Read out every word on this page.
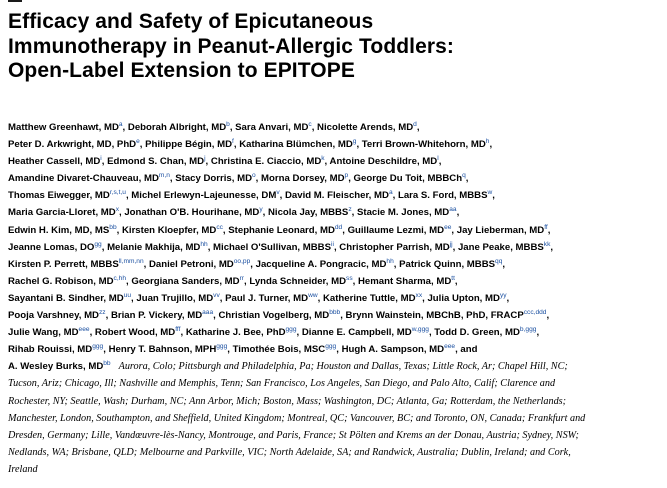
Efficacy and Safety of Epicutaneous
Immunotherapy in Peanut-Allergic Toddlers:
Open-Label Extension to EPITOPE
Matthew Greenhawt, $MD^a$, Deborah Albright, $MD^b$, Sara Anvari, $MD^c$, Nicolette Arends, $MD^d$,
Peter D. Arkwright, MD, PhD$^e$, Philippe Bégin, $MD^f$, Katharina Blümchen, $MD^g$, Terri Brown-Whitehorn, $MD^h$,
Heather Cassell, $MD^i$, Edmond S. Chan, $MD^j$, Christina E. Ciaccio, $MD^k$, Antoine Deschildre, $MD^l$,
Amandine Divaret-Chauveau, MD$^{m,n}$, Stacy Dorris, $MD^o$, Morna Dorsey, $MD^p$, George Du Toit, MBBCh$^q$,
Thomas Eiwegger, MD$^{r,s,t,u}$, Michel Erlewyn-Lajeunesse, $DM^v$, David M. Fleischer, $MD^a$, Lara S. Ford, MBBS$^w$,
Maria Garcia-Lloret, $MD^x$, Jonathan O'B. Hourihane, $MD^y$, Nicola Jay, MBBS$^z$, Stacie M. Jones, $MD^{aa}$,
Edwin H. Kim, MD, $MS^{bb}$, Kirsten Kloepfer, $MD^{cc}$, Stephanie Leonard, $MD^{dd}$, Guillaume Lezmi, $MD^{ee}$, Jay Lieberman, $MD^{ff}$,
Jeanne Lomas, $DO^{gg}$, Melanie Makhija, $MD^{hh}$, Michael O'Sullivan, MBBS$^{ii}$, Christopher Parrish, $MD^{jj}$, Jane Peake, $MBBS^{kk}$,
Kirsten P. Perrett, $MBBS^{ll,mm,nn}$, Daniel Petroni, $MD^{oo,pp}$, Jacqueline A. Pongracic, $MD^{hh}$, Patrick Quinn, $MBBS^{qq}$,
Rachel G. Robison, $MD^{c,hh}$, Georgiana Sanders, $MD^{rr}$, Lynda Schneider, $MD^{ss}$, Hemant Sharma, $MD^{tt}$,
Sayantani B. Sindher, $MD^{uu}$, Juan Trujillo, MD$^{vv}$, Paul J. Turner, $MD^{ww}$, Katherine Tuttle, MD$^{xx}$, Julia Upton, $MD^{yy}$,
Pooja Varshney, $MD^{zz}$, Brian P. Vickery, $MD^{aaa}$, Christian Vogelberg, $MD^{bbb}$, Brynn Wainstein, MBChB, PhD, $FRACP^{ccc,ddd}$,
Julie Wang, $MD^{eee}$, Robert Wood, $MD^{fff}$, Katharine J. Bee, PhD$^{ggg}$, Dianne E. Campbell, $MD^{w,ggg}$, Todd D. Green, $MD^{b,ggg}$,
Rihab Rouissi, $MD^{ggg}$, Henry T. Bahnson, $MPH^{ggg}$, Timothée Bois, $MSC^{ggg}$, Hugh A. Sampson, $MD^{eee}$, and
A. Wesley Burks, $MD^{bb}$ Aurora, Colo; Pittsburgh and Philadelphia, Pa; Houston and Dallas, Texas; Little Rock, Ar; Chapel Hill, NC;
Tucson, Ariz; Chicago, Ill; Nashville and Memphis, Tenn; San Francisco, Los Angeles, San Diego, and Palo Alto, Calif; Clarence and
Rochester, NY; Seattle, Wash; Durham, NC; Ann Arbor, Mich; Boston, Mass; Washington, DC; Atlanta, Ga; Rotterdam, the Netherlands;
Manchester, London, Southampton, and Sheffield, United Kingdom; Montreal, QC; Vancouver, BC; and Toronto, ON, Canada; Frankfurt and
Dresden, Germany; Lille, Vandœuvre-lès-Nancy, Montrouge, and Paris, France; St Pölten and Krems an der Donau, Austria; Sydney, NSW;
Nedlands, WA; Brisbane, QLD; Melbourne and Parkville, VIC; North Adelaide, SA; and Randwick, Australia; Dublin, Ireland; and Cork,
Ireland
